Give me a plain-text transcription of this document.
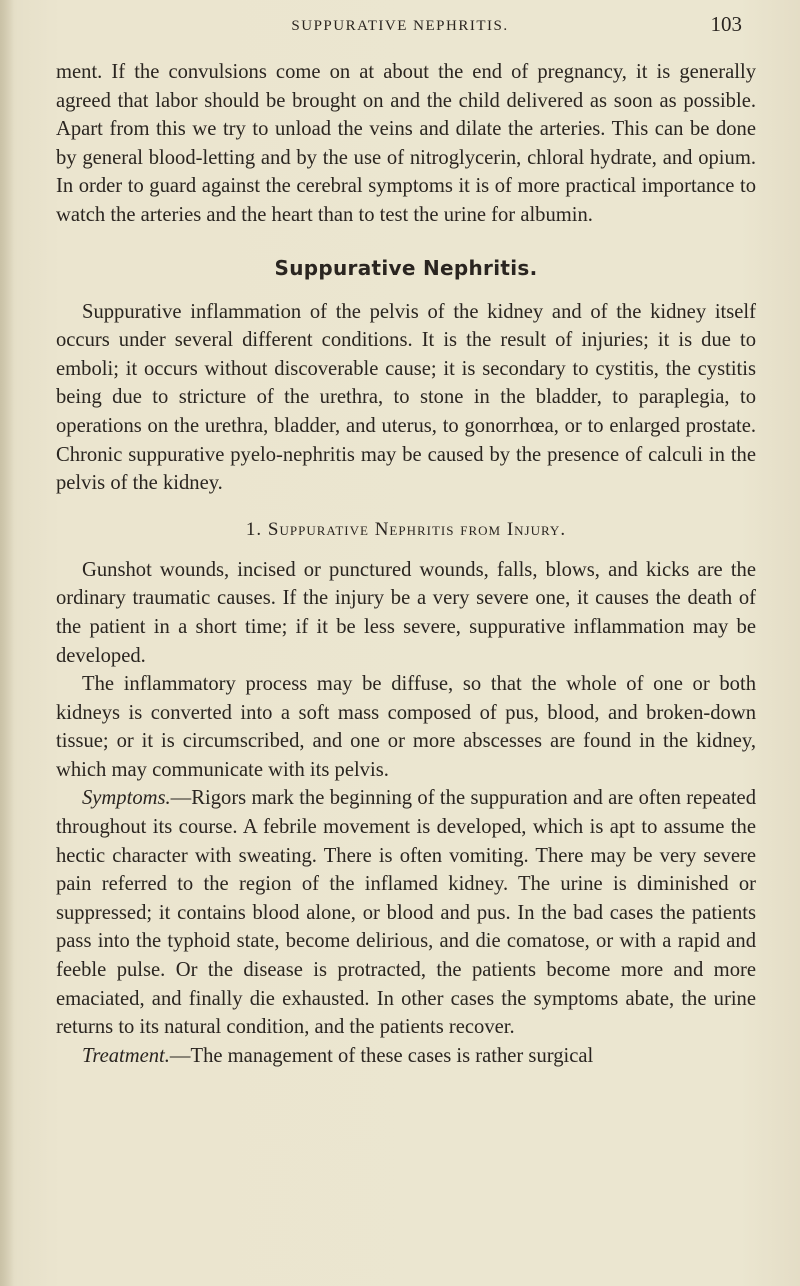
SUPPURATIVE NEPHRITIS.	103

ment. If the convulsions come on at about the end of pregnancy, it is generally agreed that labor should be brought on and the child delivered as soon as possible. Apart from this we try to unload the veins and dilate the arteries. This can be done by general blood-letting and by the use of nitroglycerin, chloral hydrate, and opium. In order to guard against the cerebral symptoms it is of more practical importance to watch the arteries and the heart than to test the urine for albumin.

Suppurative Nephritis.

Suppurative inflammation of the pelvis of the kidney and of the kidney itself occurs under several different conditions. It is the result of injuries; it is due to emboli; it occurs without discoverable cause; it is secondary to cystitis, the cystitis being due to stricture of the urethra, to stone in the bladder, to paraplegia, to operations on the urethra, bladder, and uterus, to gonorrhœa, or to enlarged prostate. Chronic suppurative pyelo-nephritis may be caused by the presence of calculi in the pelvis of the kidney.

1. Suppurative Nephritis from Injury.

Gunshot wounds, incised or punctured wounds, falls, blows, and kicks are the ordinary traumatic causes. If the injury be a very severe one, it causes the death of the patient in a short time; if it be less severe, suppurative inflammation may be developed.

The inflammatory process may be diffuse, so that the whole of one or both kidneys is converted into a soft mass composed of pus, blood, and broken-down tissue; or it is circumscribed, and one or more abscesses are found in the kidney, which may communicate with its pelvis.

Symptoms.—Rigors mark the beginning of the suppuration and are often repeated throughout its course. A febrile movement is developed, which is apt to assume the hectic character with sweating. There is often vomiting. There may be very severe pain referred to the region of the inflamed kidney. The urine is diminished or suppressed; it contains blood alone, or blood and pus. In the bad cases the patients pass into the typhoid state, become delirious, and die comatose, or with a rapid and feeble pulse. Or the disease is protracted, the patients become more and more emaciated, and finally die exhausted. In other cases the symptoms abate, the urine returns to its natural condition, and the patients recover.

Treatment.—The management of these cases is rather surgical
